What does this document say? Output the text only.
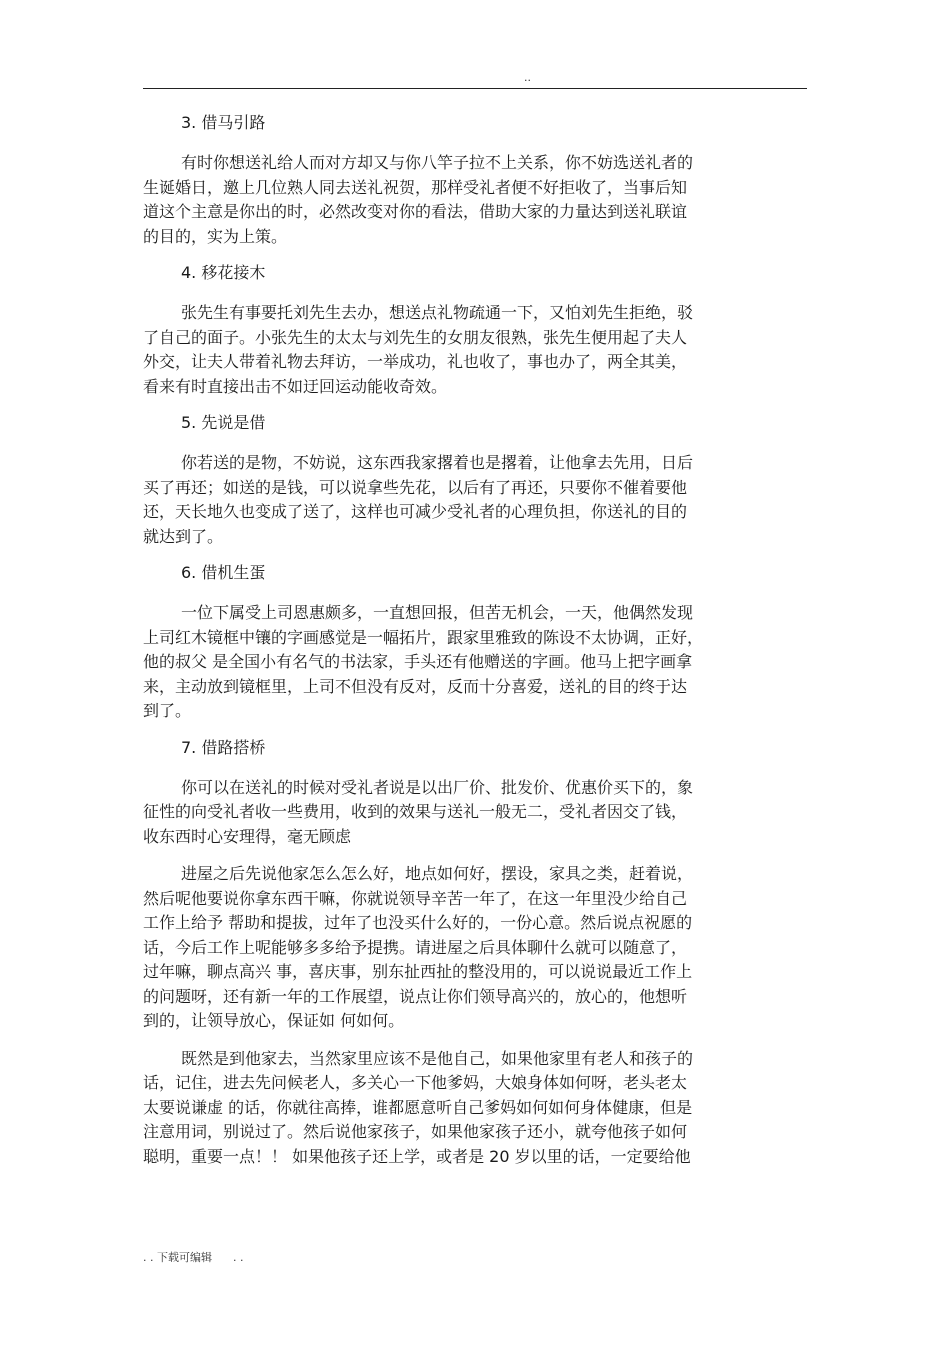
..
3. 借马引路

有时你想送礼给人而对方却又与你八竿子拉不上关系，你不妨选送礼者的
生诞婚日，邀上几位熟人同去送礼祝贺，那样受礼者便不好拒收了，当事后知
道这个主意是你出的时，必然改变对你的看法，借助大家的力量达到送礼联谊
的目的，实为上策。

4. 移花接木

张先生有事要托刘先生去办，想送点礼物疏通一下，又怕刘先生拒绝，驳
了自己的面子。小张先生的太太与刘先生的女朋友很熟，张先生便用起了夫人
外交，让夫人带着礼物去拜访，一举成功，礼也收了，事也办了，两全其美，
看来有时直接出击不如迂回运动能收奇效。

5. 先说是借

你若送的是物，不妨说，这东西我家撂着也是撂着，让他拿去先用，日后
买了再还；如送的是钱，可以说拿些先花，以后有了再还，只要你不催着要他
还，天长地久也变成了送了，这样也可减少受礼者的心理负担，你送礼的目的
就达到了。

6. 借机生蛋

一位下属受上司恩惠颇多，一直想回报，但苦无机会，一天，他偶然发现
上司红木镜框中镶的字画感觉是一幅拓片，跟家里雅致的陈设不太协调，正好，
他的叔父 是全国小有名气的书法家，手头还有他赠送的字画。他马上把字画拿
来，主动放到镜框里，上司不但没有反对，反而十分喜爱，送礼的目的终于达
到了。

7. 借路搭桥

你可以在送礼的时候对受礼者说是以出厂价、批发价、优惠价买下的，象
征性的向受礼者收一些费用，收到的效果与送礼一般无二，受礼者因交了钱，
收东西时心安理得，毫无顾虑

进屋之后先说他家怎么怎么好，地点如何好，摆设，家具之类，赶着说，
然后呢他要说你拿东西干嘛，你就说领导辛苦一年了，在这一年里没少给自己
工作上给予 帮助和提拔，过年了也没买什么好的，一份心意。然后说点祝愿的
话，今后工作上呢能够多多给予提携。请进屋之后具体聊什么就可以随意了，
过年嘛，聊点高兴 事，喜庆事，别东扯西扯的整没用的，可以说说最近工作上
的问题呀，还有新一年的工作展望，说点让你们领导高兴的，放心的，他想听
到的，让领导放心，保证如 何如何。

既然是到他家去，当然家里应该不是他自己，如果他家里有老人和孩子的
话，记住，进去先问候老人，多关心一下他爹妈，大娘身体如何呀，老头老太
太要说谦虚 的话，你就往高捧，谁都愿意听自己爹妈如何如何身体健康，但是
注意用词，别说过了。然后说他家孩子，如果他家孩子还小，就夸他孩子如何
聪明，重要一点！！ 如果他孩子还上学，或者是 20 岁以里的话，一定要给他

. . 下载可编辑      . .
